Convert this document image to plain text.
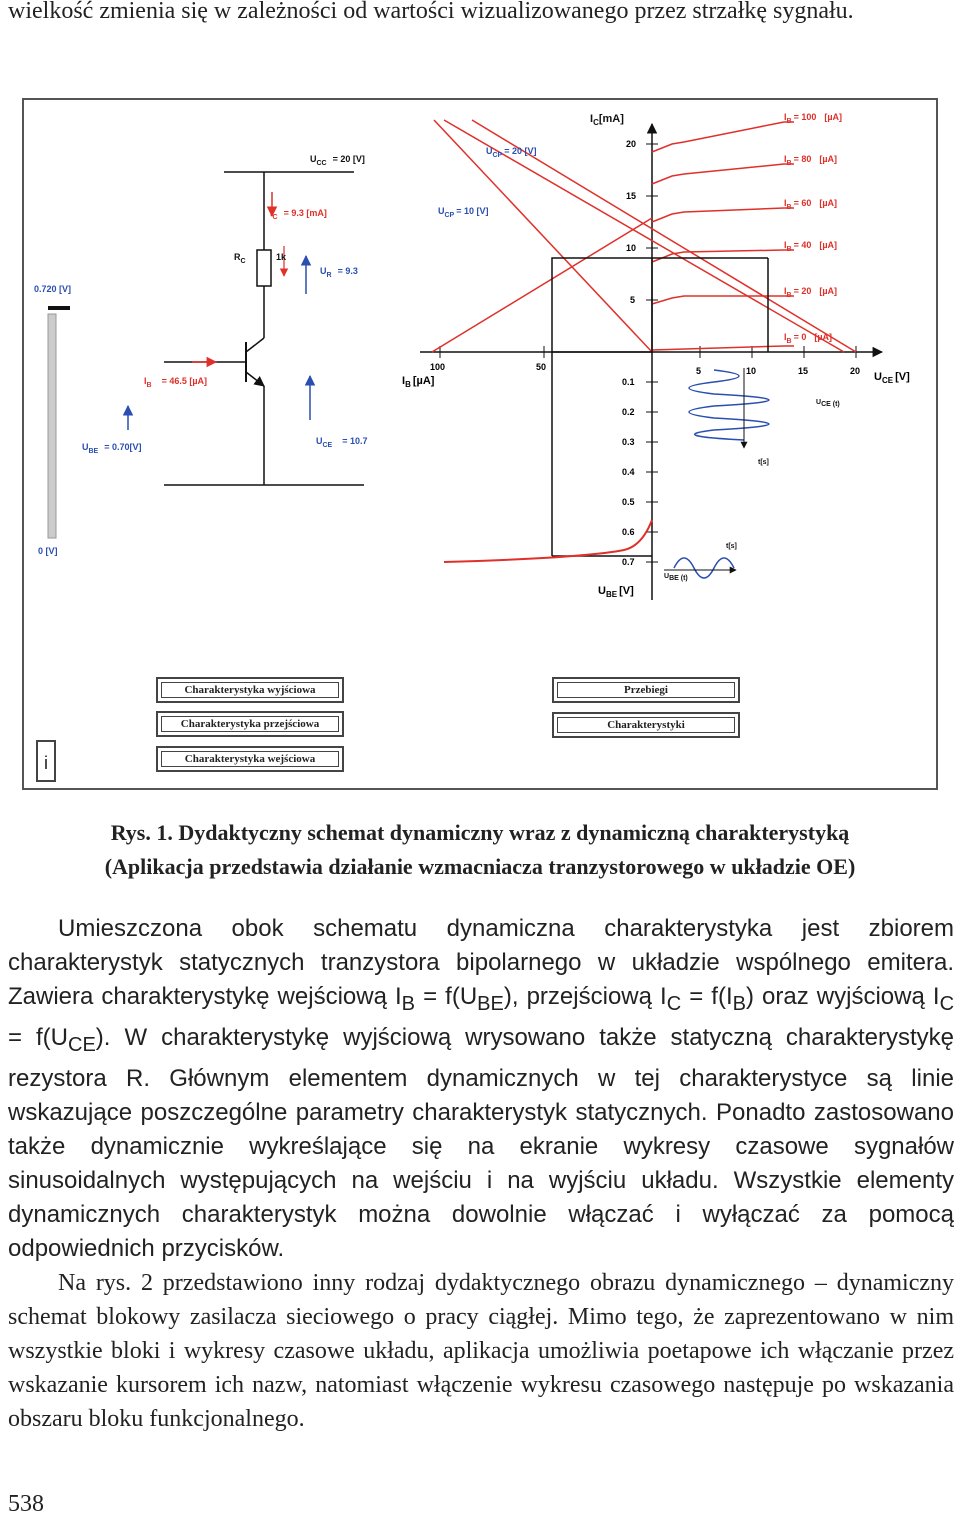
wielkość zmienia się w zależności od wartości wizualizowanego przez strzałkę sygnału.
$U_{CC} = 20$ [V]
$I_C = 9.3$ [mA]
$R_C$	1k
$U_R = 9.3$
$I_B = 46.5$ [µA]
$U_{BE} = 0.70[V]$
$U_{CE} = 10.7$
0.720 [V]
0 [V]
$I_C[mA]$
20
15
10
5
5	10	15	20 $U_{CE}$ [V]
100	50
$I_B$ [µA]	0.1
0.2
0.3
0.4
0.5
0.6
0.7
$U_{BE}$ [V]
$I_B = 100$ [µA]
$I_B = 80$ [µA]
$I_B = 60$ [µA]
$I_B = 40$ [µA]
$I_B = 20$ [µA]
$I_B = 0$ [µA]
$U_{CP} = 20$ [V]
$U_{CP} = 10$ [V]
UCE (t)
t[s]
UBE (t)
t[s]
i
Charakterystyka wyjściowa
Charakterystyka przejściowa
Charakterystyka wejściowa
Przebiegi
Charakterystyki
Rys. 1. Dydaktyczny schemat dynamiczny wraz z dynamiczną charakterystyką
(Aplikacja przedstawia działanie wzmacniacza tranzystorowego w układzie OE)

Umieszczona obok schematu dynamiczna charakterystyka jest zbiorem charakterystyk statycznych tranzystora bipolarnego w układzie wspólnego emitera. Zawiera charakterystykę wejściową $I_B = f(U_{BE})$, przejściową $I_C = f(I_B)$ oraz wyjściową $I_C = f(U_{CE})$. W charakterystykę wyjściową wrysowano także statyczną charakterystykę rezystora R. Głównym elementem dynamicznych w tej charakterystyce są linie wskazujące poszczególne parametry charakterystyk statycznych. Ponadto zastosowano także dynamicznie wykreślające się na ekranie wykresy czasowe sygnałów sinusoidalnych występujących na wejściu i na wyjściu układu. Wszystkie elementy dynamicznych charakterystyk można dowolnie włączać i wyłączać za pomocą odpowiednich przycisków.

Na rys. 2 przedstawiono inny rodzaj dydaktycznego obrazu dynamicznego – dynamiczny schemat blokowy zasilacza sieciowego o pracy ciągłej. Mimo tego, że zaprezentowano w nim wszystkie bloki i wykresy czasowe układu, aplikacja umożliwia poetapowe ich włączanie przez wskazanie kursorem ich nazw, natomiast włączenie wykresu czasowego następuje po wskazania obszaru bloku funkcjonalnego.

538
